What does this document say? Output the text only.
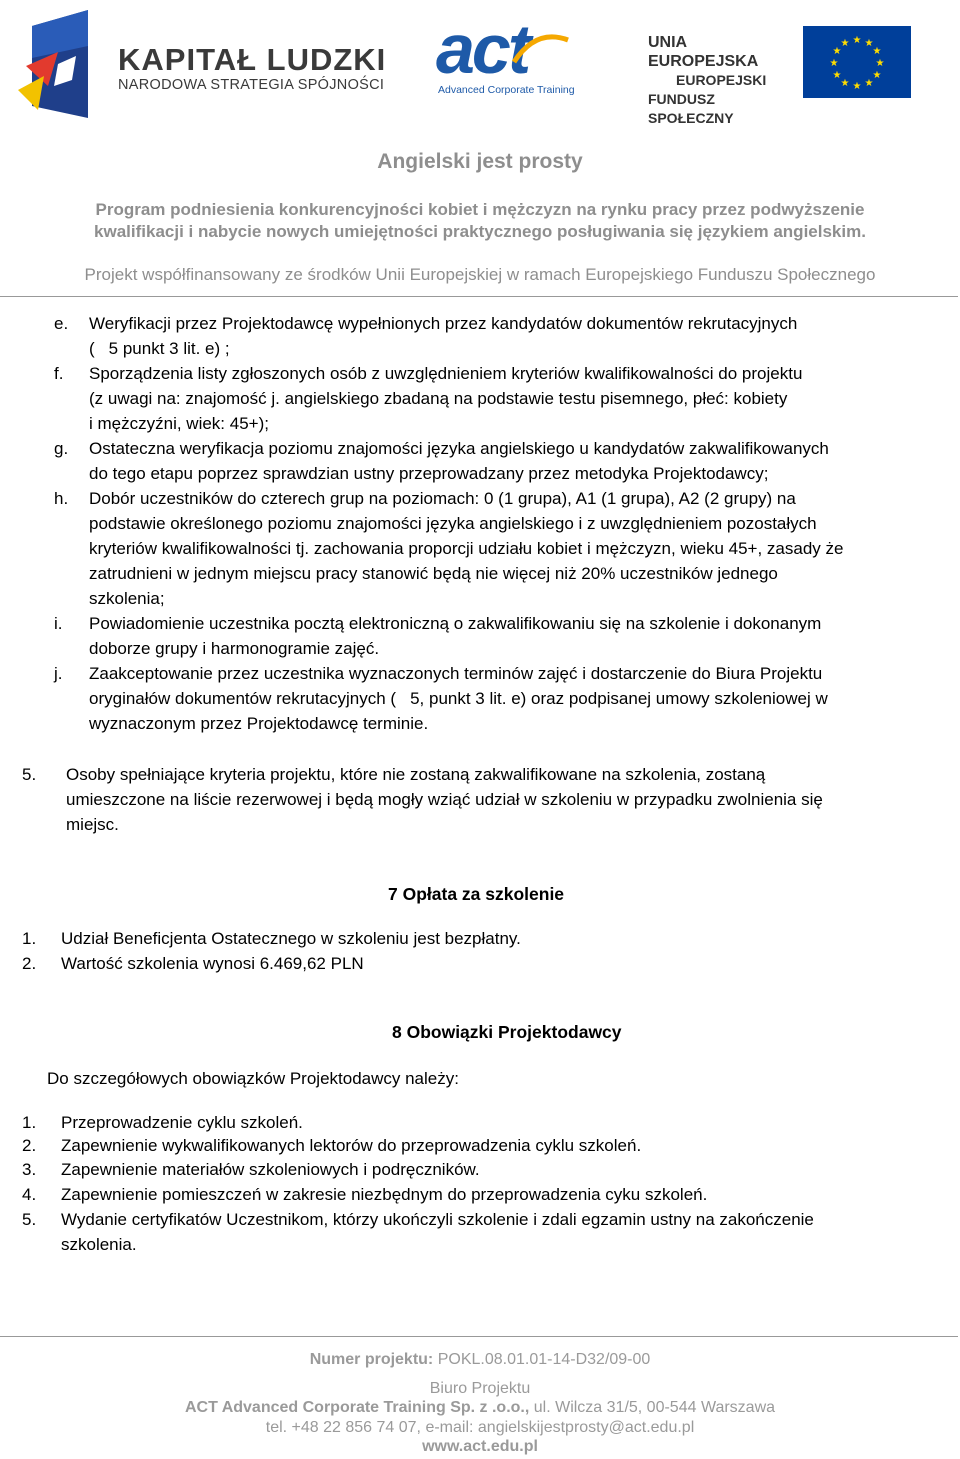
KAPITAŁ LUDZKI
NARODOWA STRATEGIA SPÓJNOŚCI act
Advanced Corporate Training
UNIA EUROPEJSKA
EUROPEJSKI
FUNDUSZ SPOŁECZNY
★ ★
★
★
★
★
★
★
★
★
★
★
Angielski jest prosty
Program podniesienia konkurencyjności kobiet i mężczyzn na rynku pracy przez podwyższenie
kwalifikacji i nabycie nowych umiejętności praktycznego posługiwania się językiem angielskim.
Projekt współfinansowany ze środków Unii Europejskiej w ramach Europejskiego Funduszu Społecznego
e. Weryfikacji przez Projektodawcę wypełnionych przez kandydatów dokumentów rekrutacyjnych
( 5 punkt 3 lit. e) ;
f. Sporządzenia listy zgłoszonych osób z uwzględnieniem kryteriów kwalifikowalności do projektu
(z uwagi na: znajomość j. angielskiego zbadaną na podstawie testu pisemnego, płeć: kobiety
i mężczyźni, wiek: 45+);
g. Ostateczna weryfikacja poziomu znajomości języka angielskiego u kandydatów zakwalifikowanych
do tego etapu poprzez sprawdzian ustny przeprowadzany przez metodyka Projektodawcy;
h. Dobór uczestników do czterech grup na poziomach: 0 (1 grupa), A1 (1 grupa), A2 (2 grupy) na
podstawie określonego poziomu znajomości języka angielskiego i z uwzględnieniem pozostałych
kryteriów kwalifikowalności tj. zachowania proporcji udziału kobiet i mężczyzn, wieku 45+, zasady że
zatrudnieni w jednym miejscu pracy stanowić będą nie więcej niż 20% uczestników jednego
szkolenia;
i. Powiadomienie uczestnika pocztą elektroniczną o zakwalifikowaniu się na szkolenie i dokonanym
doborze grupy i harmonogramie zajęć.
j. Zaakceptowanie przez uczestnika wyznaczonych terminów zajęć i dostarczenie do Biura Projektu
oryginałów dokumentów rekrutacyjnych ( 5, punkt 3 lit. e) oraz podpisanej umowy szkoleniowej w
wyznaczonym przez Projektodawcę terminie.
5. Osoby spełniające kryteria projektu, które nie zostaną zakwalifikowane na szkolenia, zostaną
umieszczone na liście rezerwowej i będą mogły wziąć udział w szkoleniu w przypadku zwolnienia się
miejsc.
7 Opłata za szkolenie
1. Udział Beneficjenta Ostatecznego w szkoleniu jest bezpłatny.
2. Wartość szkolenia wynosi 6.469,62 PLN
8 Obowiązki Projektodawcy
Do szczegółowych obowiązków Projektodawcy należy:
1. Przeprowadzenie cyklu szkoleń.
2. Zapewnienie wykwalifikowanych lektorów do przeprowadzenia cyklu szkoleń.
3. Zapewnienie materiałów szkoleniowych i podręczników.
4. Zapewnienie pomieszczeń w zakresie niezbędnym do przeprowadzenia cyku szkoleń.
5. Wydanie certyfikatów Uczestnikom, którzy ukończyli szkolenie i zdali egzamin ustny na zakończenie
szkolenia.
Numer projektu: POKL.08.01.01-14-D32/09-00
Biuro Projektu
ACT Advanced Corporate Training Sp. z .o.o., ul. Wilcza 31/5, 00-544 Warszawa
tel. +48 22 856 74 07, e-mail: angielskijestprosty@act.edu.pl
www.act.edu.pl
